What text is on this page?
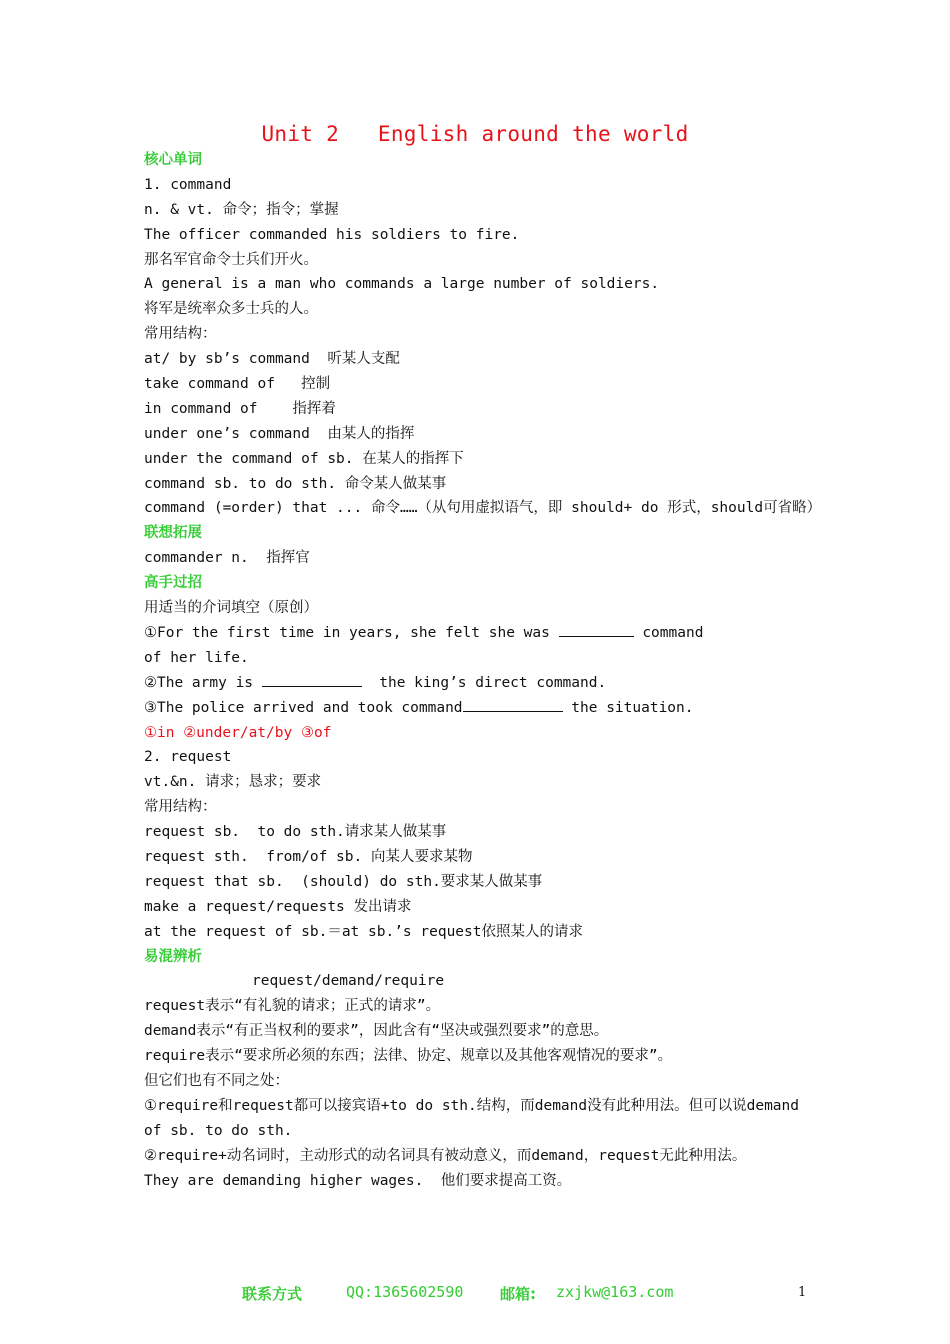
Unit 2   English around the world
核心单词
1. command
n. & vt. 命令；指令；掌握
The officer commanded his soldiers to fire.
那名军官命令士兵们开火。
A general is a man who commands a large number of soldiers.
将军是统率众多士兵的人。
常用结构：
at/ by sb’s command  听某人支配
take command of   控制
in command of    指挥着
under one’s command  由某人的指挥
under the command of sb. 在某人的指挥下
command sb. to do sth. 命令某人做某事
command (=order) that ... 命令……（从句用虚拟语气，即 should+ do 形式，should可省略）
联想拓展
commander n.  指挥官
高手过招
用适当的介词填空（原创）
①For the first time in years, she felt she was	command
of her life.
②The army is	the king’s direct command.
③The police arrived and took command	the situation.
①in ②under/at/by ③of
2. request
vt.&n. 请求；恳求；要求
常用结构：
request sb.  to do sth.请求某人做某事
request sth.  from/of sb. 向某人要求某物
request that sb.  (should) do sth.要求某人做某事
make a request/requests 发出请求
at the request of sb.＝at sb.’s request依照某人的请求
易混辨析
request/demand/require
request表示“有礼貌的请求；正式的请求”。
demand表示“有正当权利的要求”，因此含有“坚决或强烈要求”的意思。
require表示“要求所必须的东西；法律、协定、规章以及其他客观情况的要求”。
但它们也有不同之处：
①require和request都可以接宾语+to do sth.结构，而demand没有此种用法。但可以说demand of sb. to do sth.
②require+动名词时，主动形式的动名词具有被动意义，而demand，request无此种用法。
They are demanding higher wages.  他们要求提高工资。
联系方式	QQ:1365602590 邮箱: zxjkw@163.com	1
